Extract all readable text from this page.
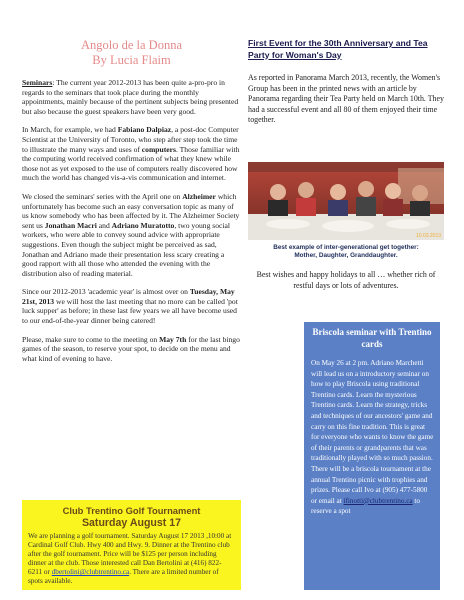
Angolo de la Donna
By Lucia Flaim

Seminars: The current year 2012-2013 has been quite a-pro-pro in regards to the seminars that took place during the monthly appointments, mainly because of the pertinent subjects being presented but also because the guest speakers have been very good.

In March, for example, we had Fabiano Dalpiaz, a post-doc Computer Scientist at the University of Toronto, who step after step took the time to illustrate the many ways and uses of computers. Those familiar with the computing world received confirmation of what they knew while those not as yet exposed to the use of computers really discovered how much the world has changed vis-a-vis communication and internet.

We closed the seminars' series with the April one on Alzheimer which unfortunately has become such an easy conversation topic as many of us know somebody who has been affected by it. The Alzheimer Society sent us Jonathan Macri and Adriano Muratotto, two young social workers, who were able to convey sound advice with appropriate suggestions. Even though the subject might be perceived as sad, Jonathan and Adriano made their presentation less scary creating a good rapport with all those who attended the evening with the distribution also of reading material.

Since our 2012-2013 'academic year' is almost over on Tuesday, May 21st, 2013 we will host the last meeting that no more can be called 'pot luck supper' as before; in these last few years we all have become used to our end-of-the-year dinner being catered!

Please, make sure to come to the meeting on May 7th for the last bingo games of the season, to reserve your spot, to decide on the menu and what kind of evening to have.

Club Trentino Golf Tournament
Saturday August 17
We are planning a golf tournament. Saturday August 17 2013 ,10:00 at Cardinal Golf Club. Hwy 400 and Hwy. 9. Dinner at the Trentino club after the golf tournament. Price will be $125 per person including dinner at the club. Those interested call Dan Bertolini at (416) 822-6211 or dbertolini@clubtrentino.ca. There are a limited number of spots available.
First Event for the 30th Anniversary and Tea Party for Woman's Day

As reported in Panorama March 2013, recently, the Women's Group has been in the printed news with an article by Panorama regarding their Tea Party held on March 10th. They had a successful event and all 80 of them enjoyed their time together.

10.03.2013
Best example of inter-generational get together:
Mother, Daughter, Granddaughter.
Best wishes and happy holidays to all … whether rich of restful days or lots of adventures.
Briscola seminar with Trentino cards
On May 26 at 2 pm. Adriano Marchetti will lead us on a introductory seminar on how to play Briscola using traditional Trentino cards. Learn the mysterious Trentino cards. Learn the strategy, tricks and techniques of our ancestors' game and carry on this fine tradition. This is great for everyone who wants to know the game of their parents or grandparents that was traditionally played with so much passion. There will be a briscola tournament at the annual Trentino picnic with trophies and prizes. Please call Ivo at (905) 477-5800 or email at ifinotti@clubtrentino.ca to reserve a spot
